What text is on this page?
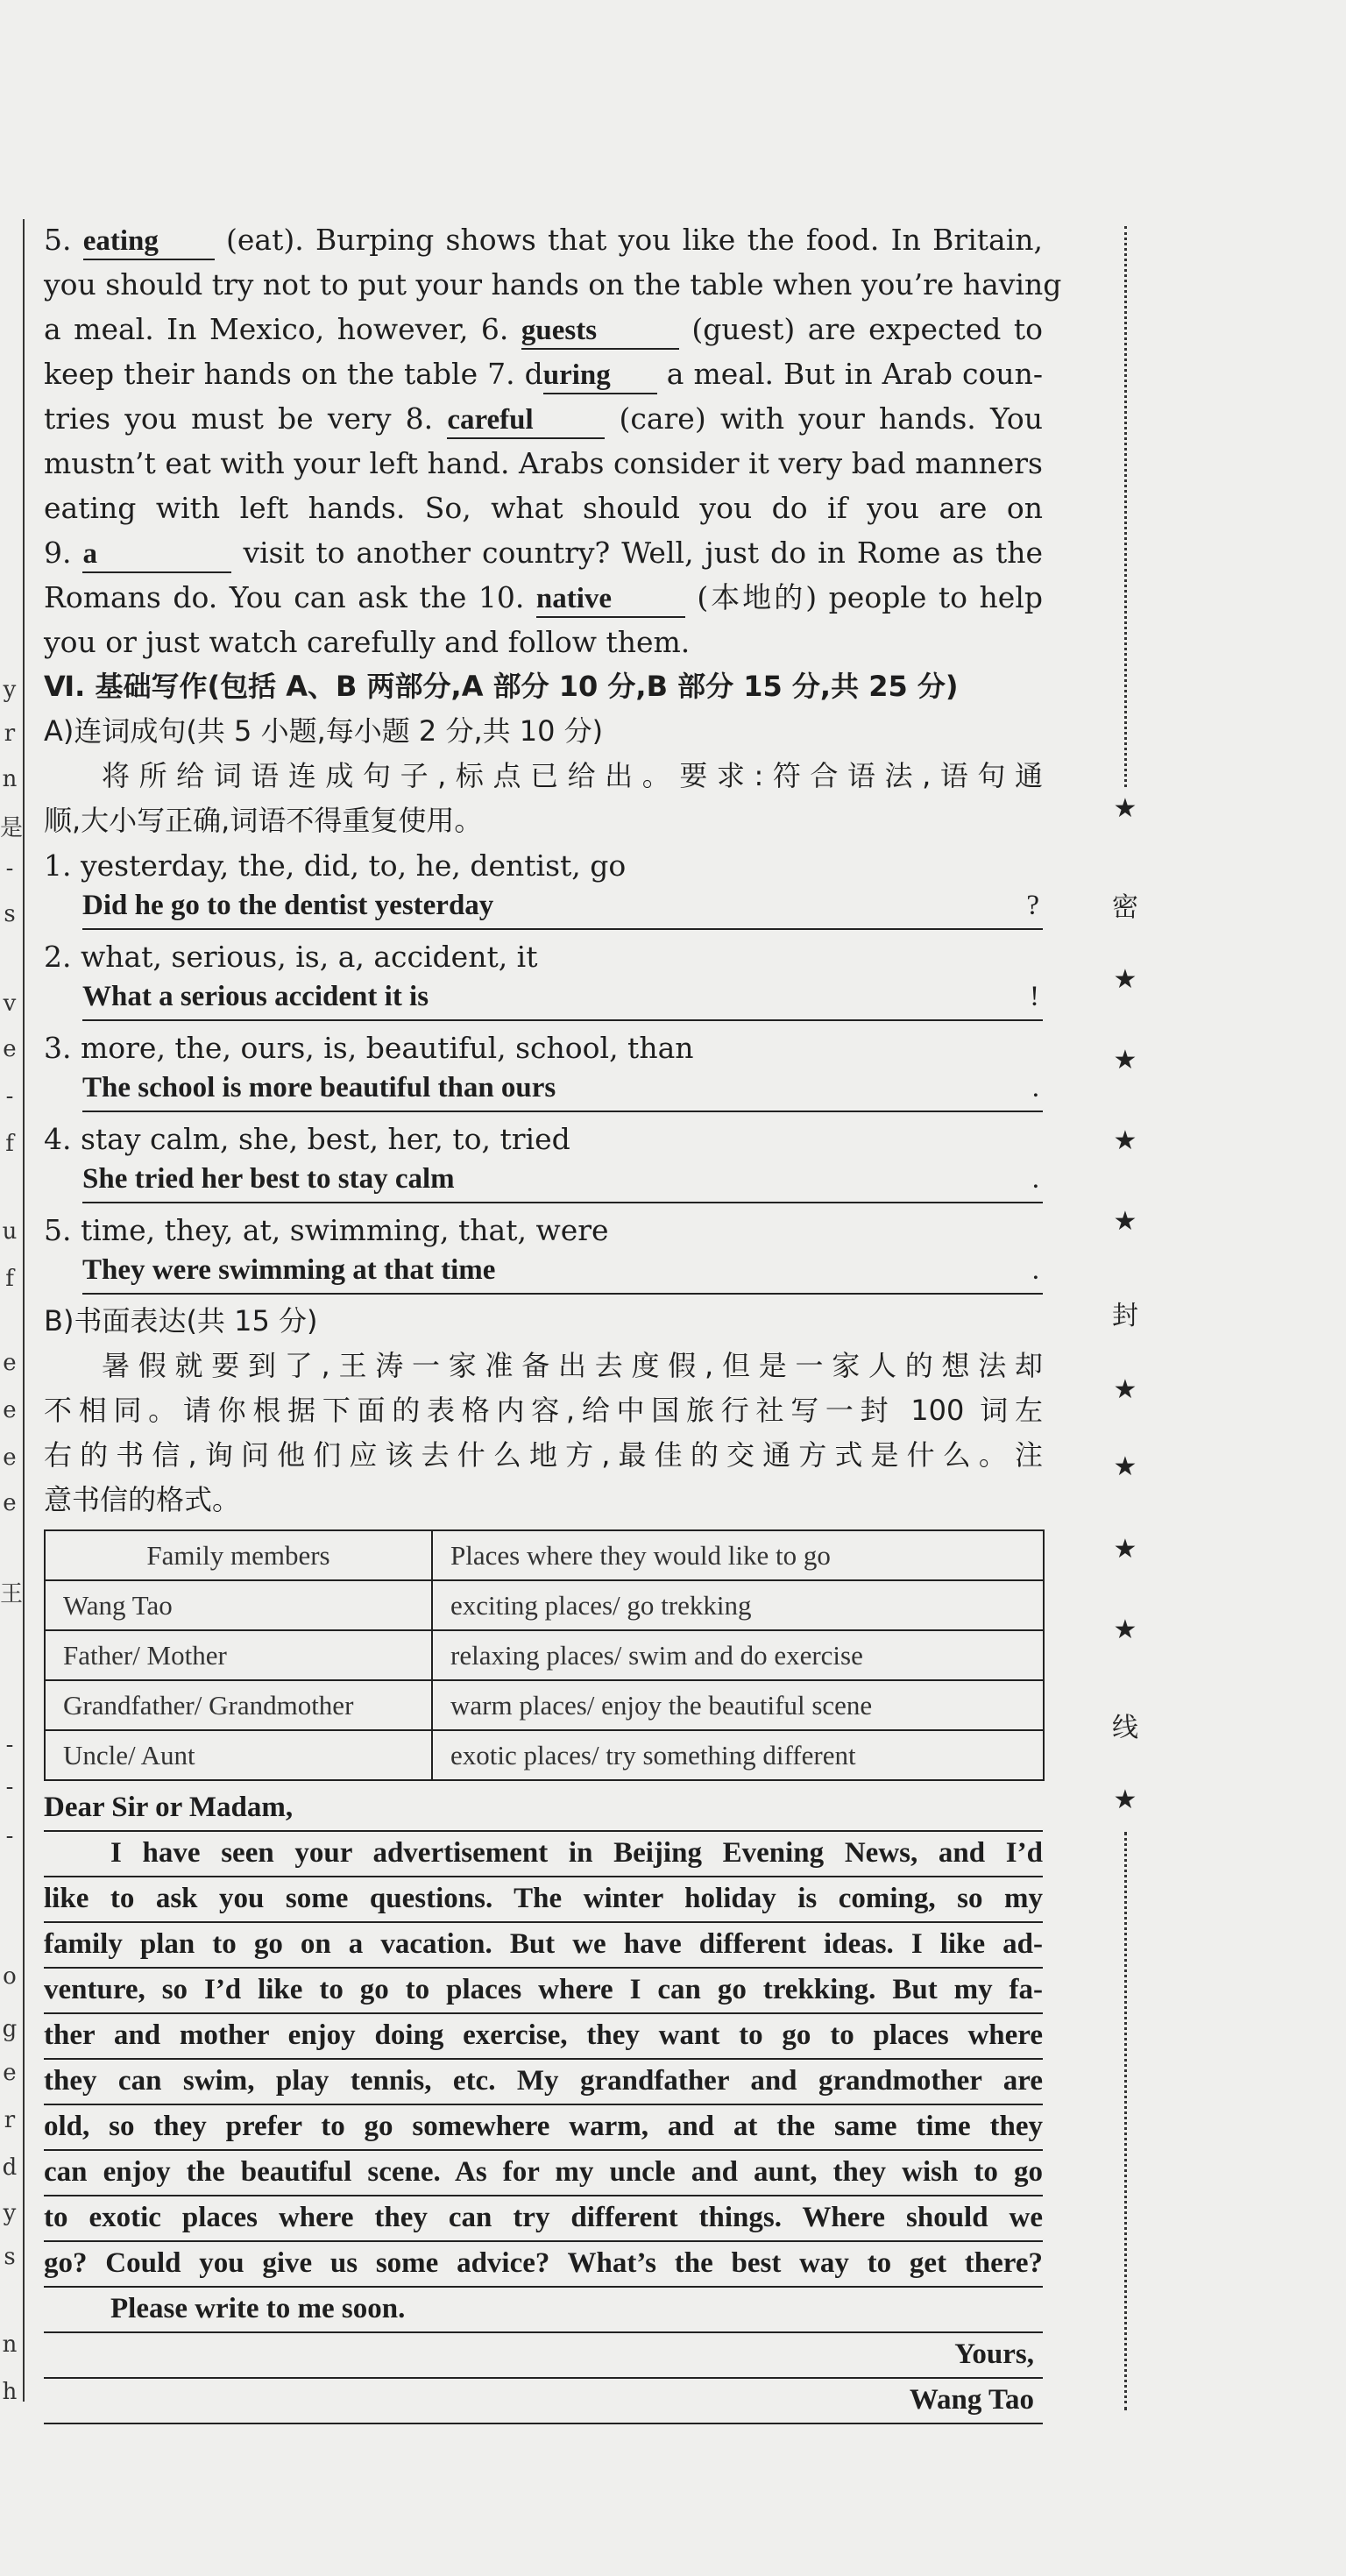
y
r
n
是
-
s
v
e
-
f
u
f
e
e
e
e
王
-
-
-
o
g
e
r
d
y
s
n
h
5. eating (eat). Burping shows that you like the food. In Britain,
you should try not to put your hands on the table when you’re having
a meal. In Mexico, however, 6. guests	(guest) are expected to
keep their hands on the table 7. during a meal. But in Arab coun-
tries you must be very 8. careful	(care) with your hands. You
mustn’t eat with your left hand. Arabs consider it very bad manners
eating with left hands. So, what should you do if you are on
9. a	visit to another country? Well, just do in Rome as the
Romans do. You can ask the 10. native	(本地的) people to help
you or just watch carefully and follow them.
Ⅵ. 基础写作(包括 A、B 两部分,A 部分 10 分,B 部分 15 分,共 25 分)
A)连词成句(共 5 小题,每小题 2 分,共 10 分)
将所给词语连成句子,标点已给出。要求:符合语法,语句通
顺,大小写正确,词语不得重复使用。
1. yesterday, the, did, to, he, dentist, go
Did he go to the dentist yesterday	?
2. what, serious, is, a, accident, it
What a serious accident it is	!
3. more, the, ours, is, beautiful, school, than
The school is more beautiful than ours	.
4. stay calm, she, best, her, to, tried
She tried her best to stay calm	.
5. time, they, at, swimming, that, were
They were swimming at that time	.
B)书面表达(共 15 分)
暑假就要到了,王涛一家准备出去度假,但是一家人的想法却
不相同。请你根据下面的表格内容,给中国旅行社写一封 100 词左
右的书信,询问他们应该去什么地方,最佳的交通方式是什么。注
意书信的格式。
Family members	Places where they would like to go
Wang Tao	exciting places/ go trekking
Father/ Mother	relaxing places/ swim and do exercise
Grandfather/ Grandmother	warm places/ enjoy the beautiful scene
Uncle/ Aunt	exotic places/ try something different
Dear Sir or Madam,
I have seen your advertisement in Beijing Evening News, and I’d
like to ask you some questions. The winter holiday is coming, so my
family plan to go on a vacation. But we have different ideas. I like ad-
venture, so I’d like to go to places where I can go trekking. But my fa-
ther and mother enjoy doing exercise, they want to go to places where
they can swim, play tennis, etc. My grandfather and grandmother are
old, so they prefer to go somewhere warm, and at the same time they
can enjoy the beautiful scene. As for my uncle and aunt, they wish to go
to exotic places where they can try different things. Where should we
go? Could you give us some advice? What’s the best way to get there?
Please write to me soon.
Yours,
Wang Tao
★
密
★
★
★
★
封
★
★
★
★
线
★
